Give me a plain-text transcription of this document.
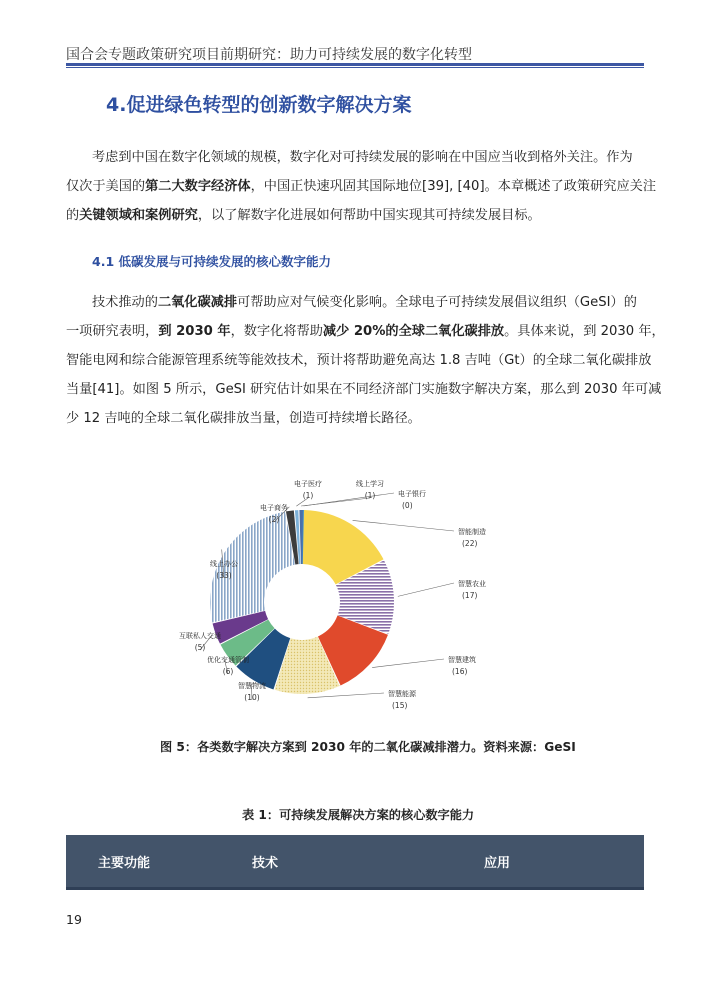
国合会专题政策研究项目前期研究：助力可持续发展的数字化转型
4.促进绿色转型的创新数字解决方案
考虑到中国在数字化领域的规模，数字化对可持续发展的影响在中国应当收到格外关注。作为
仅次于美国的第二大数字经济体，中国正快速巩固其国际地位[39], [40]。本章概述了政策研究应关注
的关键领域和案例研究，以了解数字化进展如何帮助中国实现其可持续发展目标。
4.1 低碳发展与可持续发展的核心数字能力
技术推动的二氧化碳减排可帮助应对气候变化影响。全球电子可持续发展倡议组织（GeSI）的
一项研究表明，到 2030 年，数字化将帮助减少 20%的全球二氧化碳排放。具体来说，到 2030 年，
智能电网和综合能源管理系统等能效技术，预计将帮助避免高达 1.8 吉吨（Gt）的全球二氧化碳排放
当量[41]。如图 5 所示，GeSI 研究估计如果在不同经济部门实施数字解决方案，那么到 2030 年可减
少 12 吉吨的全球二氧化碳排放当量，创造可持续增长路径。
电子银行
(0)
智能制造
(22)
智慧农业
(17)
智慧建筑
(16)
智慧能源
(15)
智慧物流
(10)
优化交通管制
(6)
互联私人交通
(5)
线上办公
(33)
电子商务
(2)
电子医疗
(1)
线上学习
(1)
图 5：各类数字解决方案到 2030 年的二氧化碳减排潜力。资料来源：GeSI
表 1：可持续发展解决方案的核心数字能力
主要功能	技术	应用
19
